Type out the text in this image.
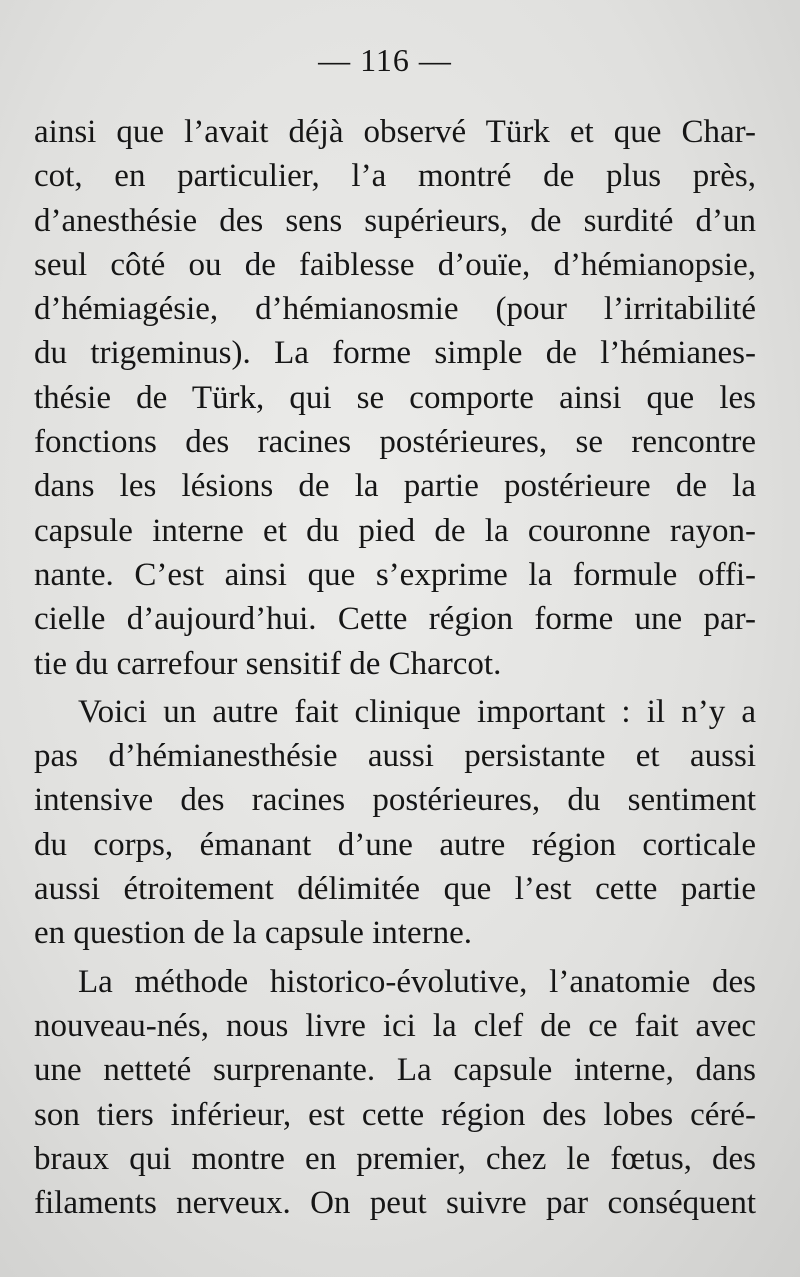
— 116 —
ainsi que l’avait déjà observé Türk et que Char-
cot, en particulier, l’a montré de plus près,
d’anesthésie des sens supérieurs, de surdité d’un
seul côté ou de faiblesse d’ouïe, d’hémianopsie,
d’hémiagésie, d’hémianosmie (pour l’irritabilité
du trigeminus). La forme simple de l’hémianes-
thésie de Türk, qui se comporte ainsi que les
fonctions des racines postérieures, se rencontre
dans les lésions de la partie postérieure de la
capsule interne et du pied de la couronne rayon-
nante. C’est ainsi que s’exprime la formule offi-
cielle d’aujourd’hui. Cette région forme une par-
tie du carrefour sensitif de Charcot.
Voici un autre fait clinique important : il n’y a
pas d’hémianesthésie aussi persistante et aussi
intensive des racines postérieures, du sentiment
du corps, émanant d’une autre région corticale
aussi étroitement délimitée que l’est cette partie
en question de la capsule interne.
La méthode historico-évolutive, l’anatomie des
nouveau-nés, nous livre ici la clef de ce fait avec
une netteté surprenante. La capsule interne, dans
son tiers inférieur, est cette région des lobes céré-
braux qui montre en premier, chez le fœtus, des
filaments nerveux. On peut suivre par conséquent
